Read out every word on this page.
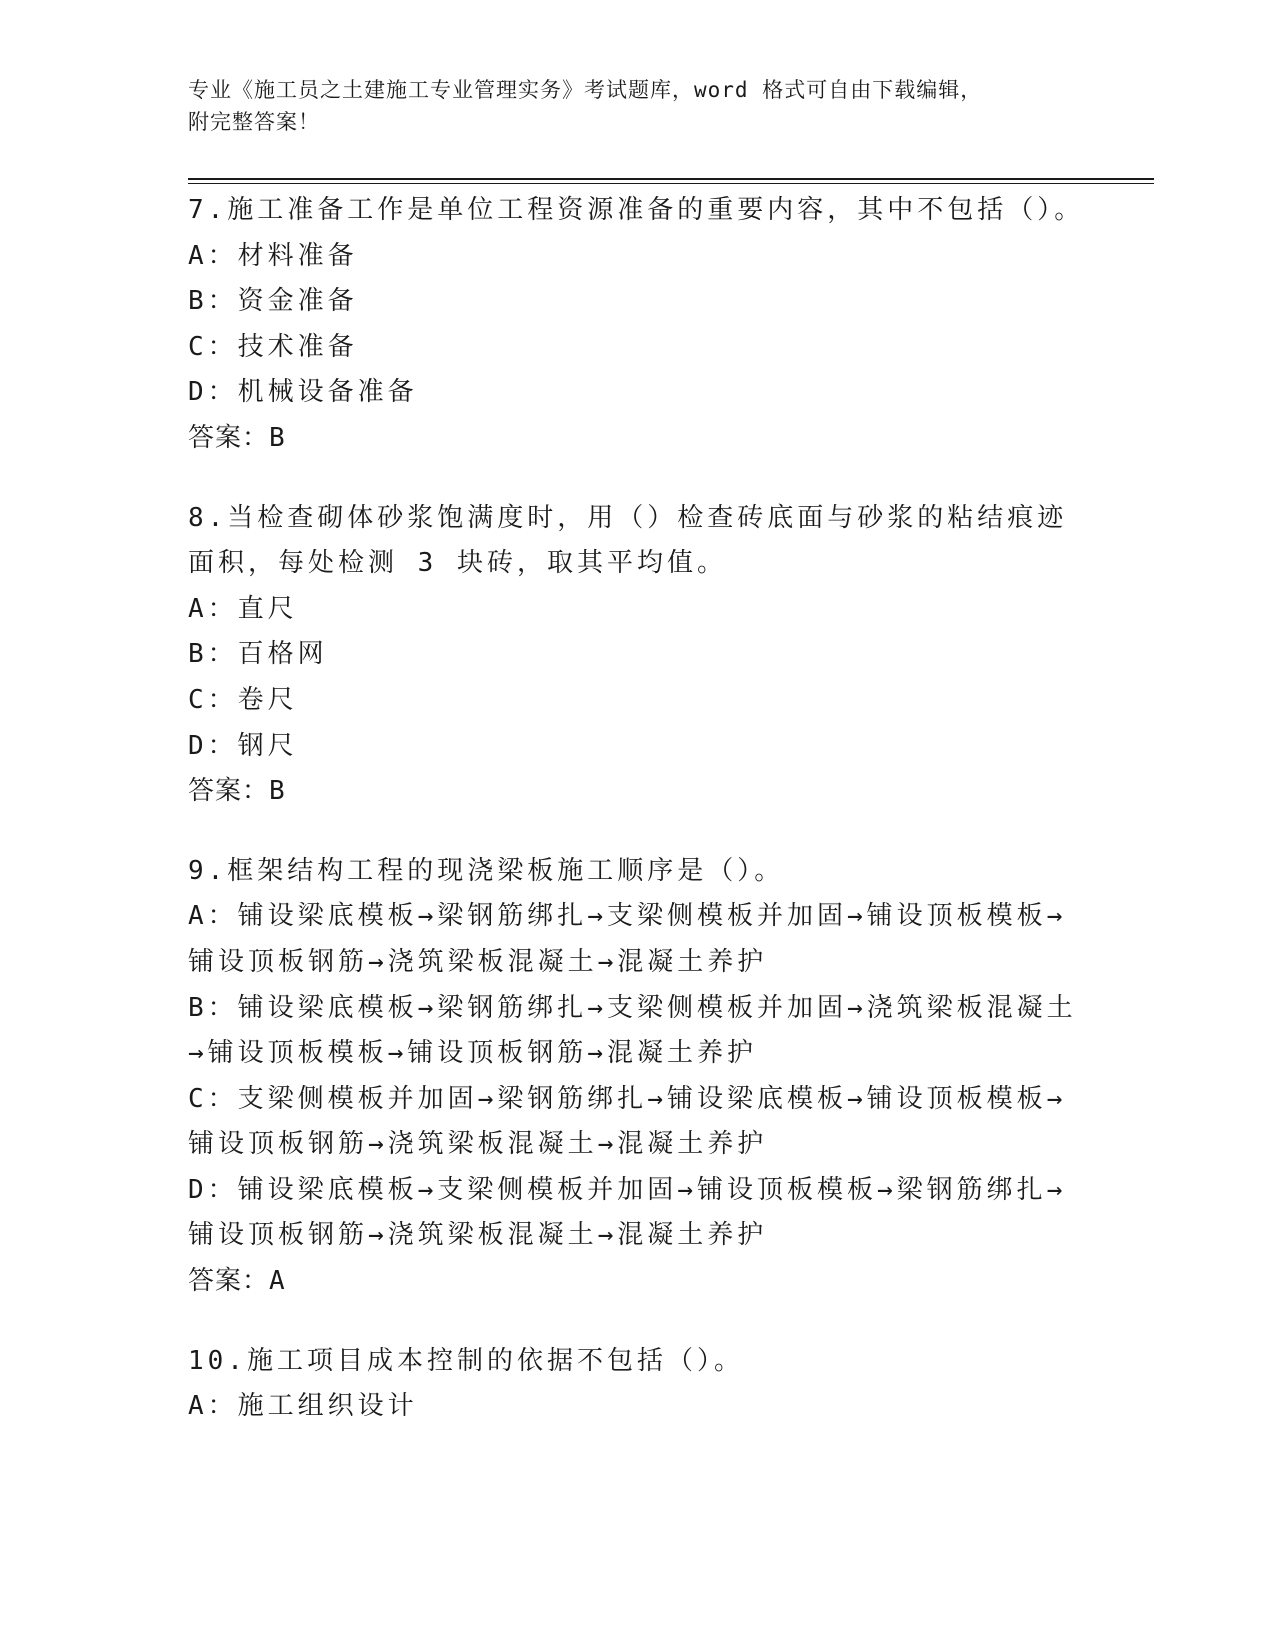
专业《施工员之土建施工专业管理实务》考试题库，word 格式可自由下载编辑，
附完整答案！

7.施工准备工作是单位工程资源准备的重要内容，其中不包括（）。

A：材料准备

B：资金准备

C：技术准备

D：机械设备准备

答案：B

8.当检查砌体砂浆饱满度时，用（）检查砖底面与砂浆的粘结痕迹面积，每处检测 3 块砖，取其平均值。

A：直尺

B：百格网

C：卷尺

D：钢尺

答案：B

9.框架结构工程的现浇梁板施工顺序是（）。

A：铺设梁底模板→梁钢筋绑扎→支梁侧模板并加固→铺设顶板模板→铺设顶板钢筋→浇筑梁板混凝土→混凝土养护

B：铺设梁底模板→梁钢筋绑扎→支梁侧模板并加固→浇筑梁板混凝土→铺设顶板模板→铺设顶板钢筋→混凝土养护

C：支梁侧模板并加固→梁钢筋绑扎→铺设梁底模板→铺设顶板模板→铺设顶板钢筋→浇筑梁板混凝土→混凝土养护

D：铺设梁底模板→支梁侧模板并加固→铺设顶板模板→梁钢筋绑扎→铺设顶板钢筋→浇筑梁板混凝土→混凝土养护

答案：A

10.施工项目成本控制的依据不包括（）。

A：施工组织设计
